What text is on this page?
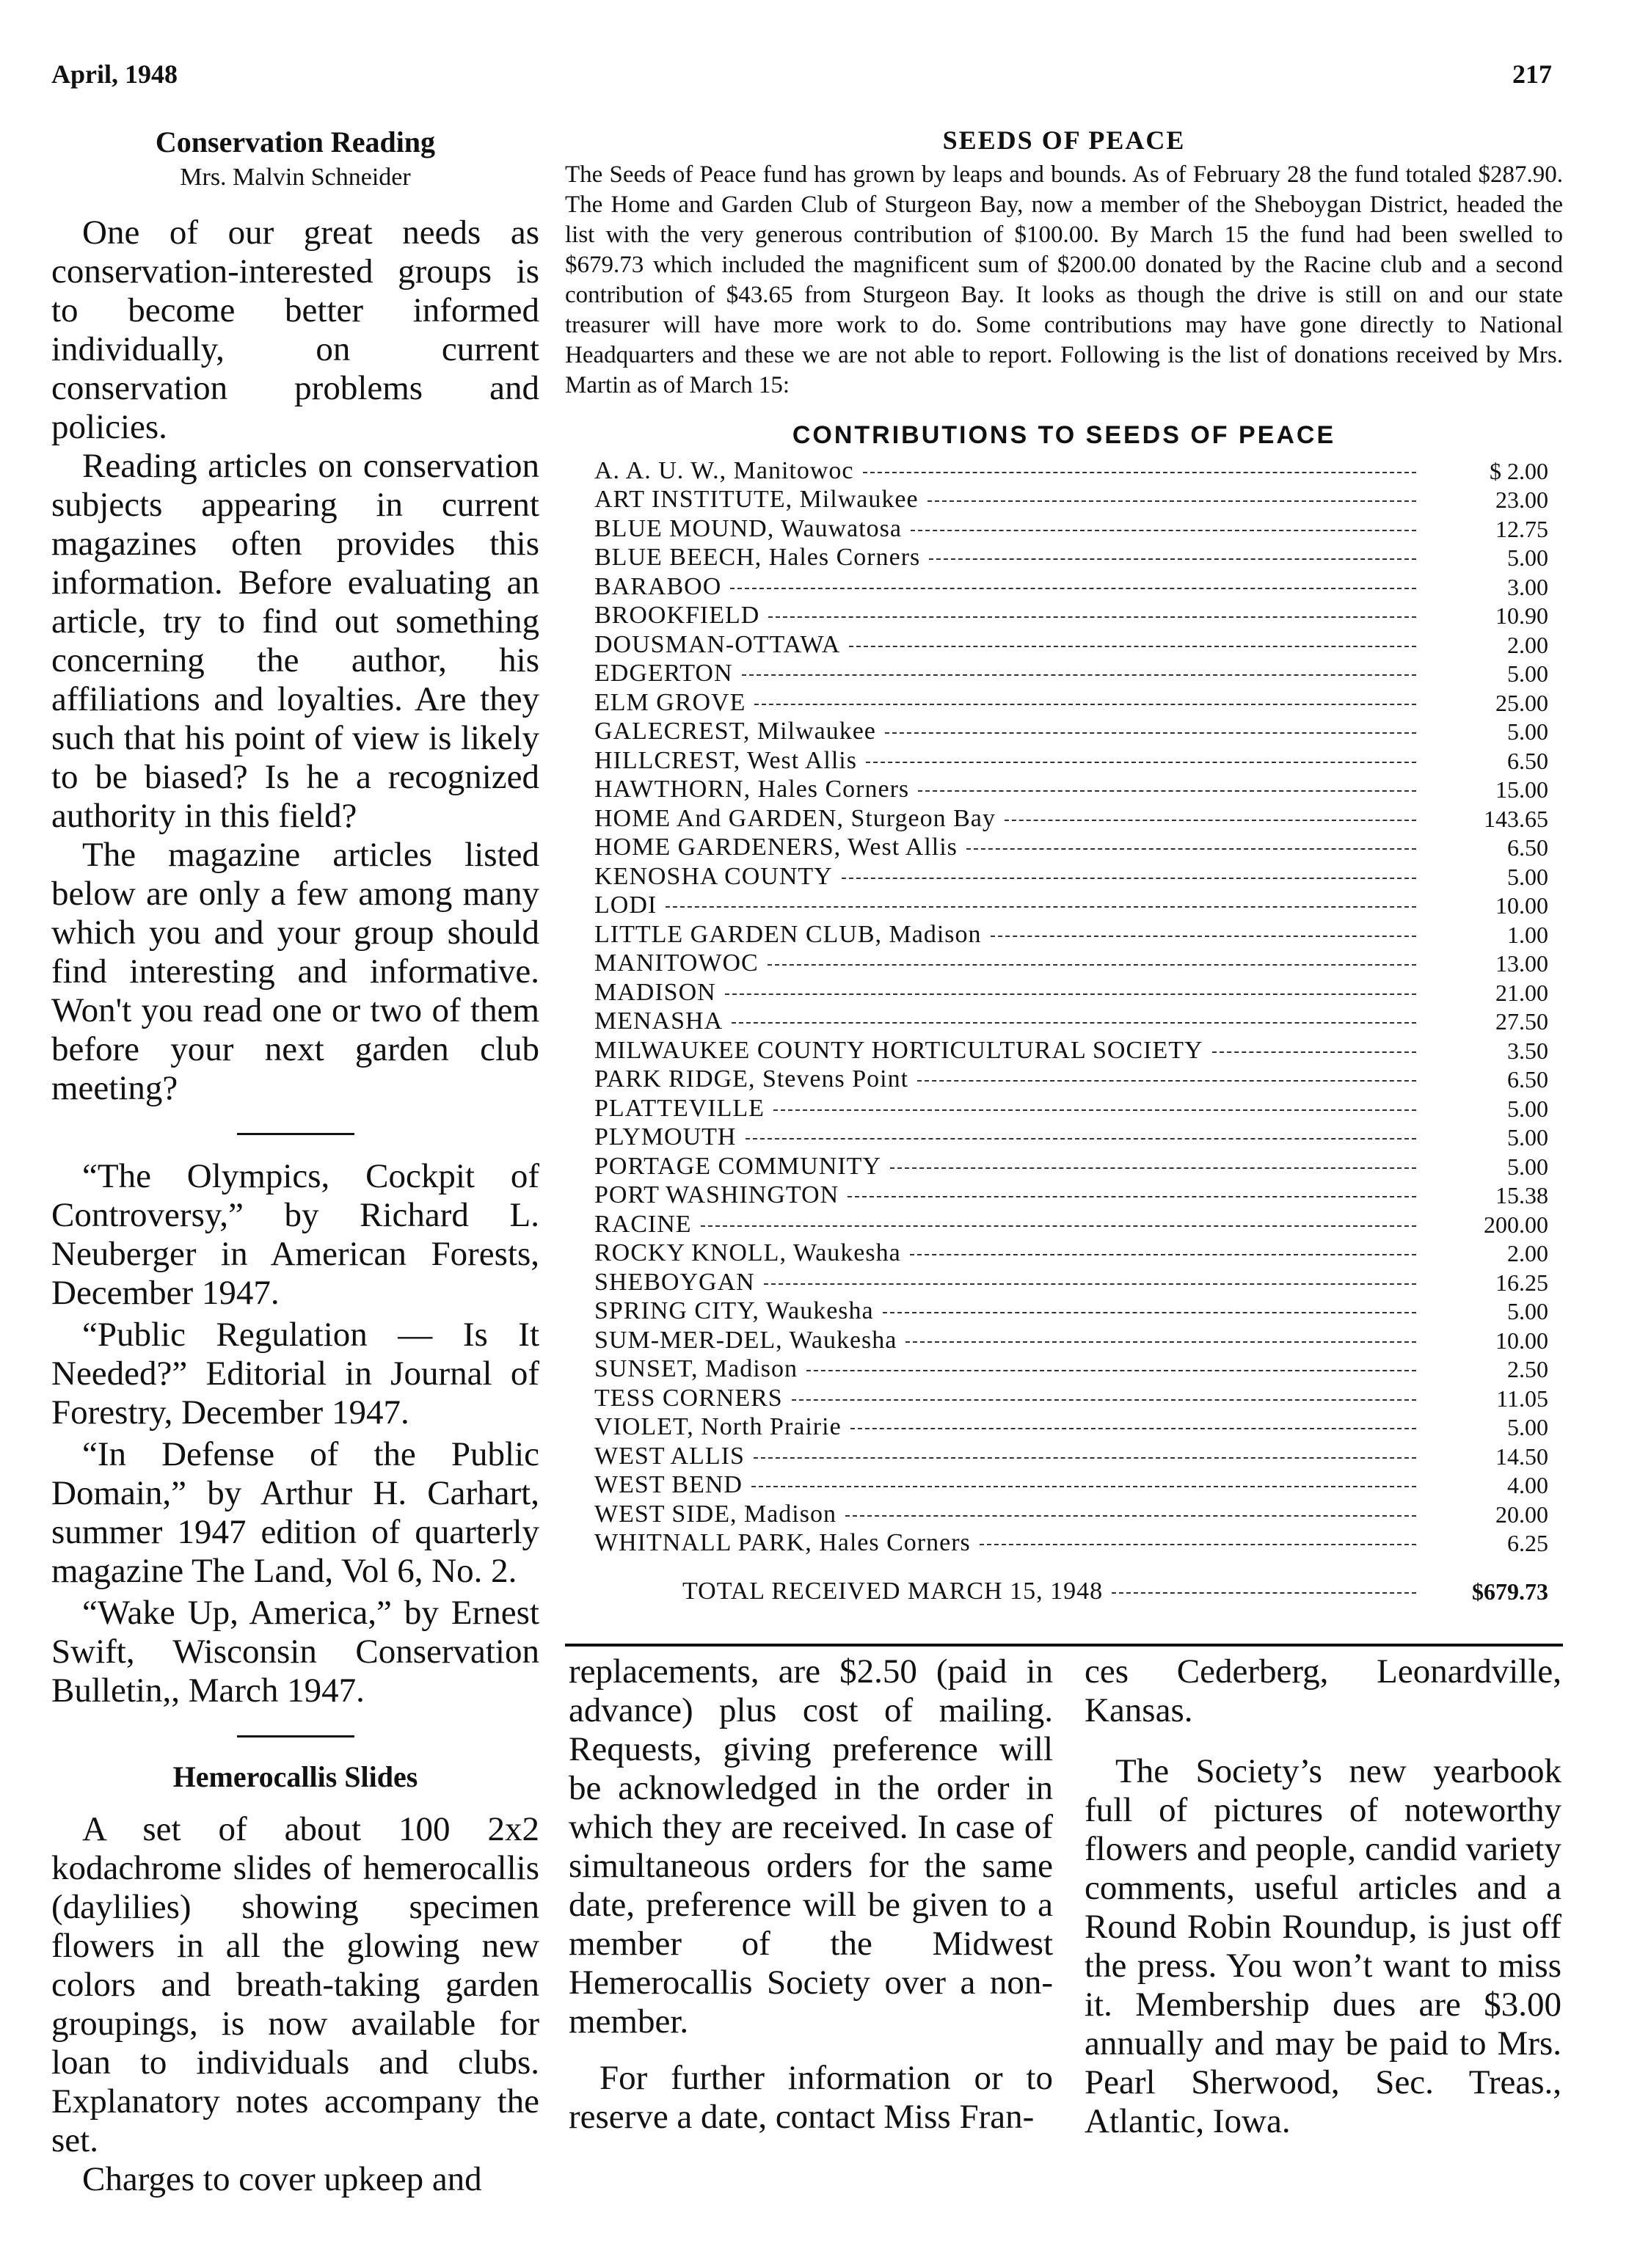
April, 1948	217
Conservation Reading
Mrs. Malvin Schneider

One of our great needs as conservation-interested groups is to become better informed individually, on current conservation problems and policies.

Reading articles on conservation subjects appearing in current magazines often provides this information. Before evaluating an article, try to find out something concerning the author, his affiliations and loyalties. Are they such that his point of view is likely to be biased? Is he a recognized authority in this field?

The magazine articles listed below are only a few among many which you and your group should find interesting and informative. Won't you read one or two of them before your next garden club meeting?

“The Olympics, Cockpit of Controversy,” by Richard L. Neuberger in American Forests, December 1947.

“Public Regulation — Is It Needed?” Editorial in Journal of Forestry, December 1947.

“In Defense of the Public Domain,” by Arthur H. Carhart, summer 1947 edition of quarterly magazine The Land, Vol 6, No. 2.

“Wake Up, America,” by Ernest Swift, Wisconsin Conservation Bulletin,, March 1947.

Hemerocallis Slides

A set of about 100 2x2 kodachrome slides of hemerocallis (daylilies) showing specimen flowers in all the glowing new colors and breath-taking garden groupings, is now available for loan to individuals and clubs. Explanatory notes accompany the set.

Charges to cover upkeep and

SEEDS OF PEACE

The Seeds of Peace fund has grown by leaps and bounds. As of February 28 the fund totaled $287.90. The Home and Garden Club of Sturgeon Bay, now a member of the Sheboygan District, headed the list with the very generous contribution of $100.00. By March 15 the fund had been swelled to $679.73 which included the magnificent sum of $200.00 donated by the Racine club and a second contribution of $43.65 from Sturgeon Bay. It looks as though the drive is still on and our state treasurer will have more work to do. Some contributions may have gone directly to National Headquarters and these we are not able to report. Following is the list of donations received by Mrs. Martin as of March 15:

CONTRIBUTIONS TO SEEDS OF PEACE
A. A. U. W., Manitowoc	$ 2.00
ART INSTITUTE, Milwaukee	23.00
BLUE MOUND, Wauwatosa	12.75
BLUE BEECH, Hales Corners	5.00
BARABOO	3.00
BROOKFIELD	10.90
DOUSMAN-OTTAWA	2.00
EDGERTON	5.00
ELM GROVE	25.00
GALECREST, Milwaukee	5.00
HILLCREST, West Allis	6.50
HAWTHORN, Hales Corners	15.00
HOME And GARDEN, Sturgeon Bay	143.65
HOME GARDENERS, West Allis	6.50
KENOSHA COUNTY	5.00
LODI	10.00
LITTLE GARDEN CLUB, Madison	1.00
MANITOWOC	13.00
MADISON	21.00
MENASHA	27.50
MILWAUKEE COUNTY HORTICULTURAL SOCIETY	3.50
PARK RIDGE, Stevens Point	6.50
PLATTEVILLE	5.00
PLYMOUTH	5.00
PORTAGE COMMUNITY	5.00
PORT WASHINGTON	15.38
RACINE	200.00
ROCKY KNOLL, Waukesha	2.00
SHEBOYGAN	16.25
SPRING CITY, Waukesha	5.00
SUM-MER-DEL, Waukesha	10.00
SUNSET, Madison	2.50
TESS CORNERS	11.05
VIOLET, North Prairie	5.00
WEST ALLIS	14.50
WEST BEND	4.00
WEST SIDE, Madison	20.00
WHITNALL PARK, Hales Corners	6.25
TOTAL RECEIVED MARCH 15, 1948	$679.73

replacements, are $2.50 (paid in advance) plus cost of mailing. Requests, giving preference will be acknowledged in the order in which they are received. In case of simultaneous orders for the same date, preference will be given to a member of the Midwest Hemerocallis Society over a non-member.

For further information or to reserve a date, contact Miss Fran-

ces Cederberg, Leonardville, Kansas.

The Society’s new yearbook full of pictures of noteworthy flowers and people, candid variety comments, useful articles and a Round Robin Roundup, is just off the press. You won’t want to miss it. Membership dues are $3.00 annually and may be paid to Mrs. Pearl Sherwood, Sec. Treas., Atlantic, Iowa.
